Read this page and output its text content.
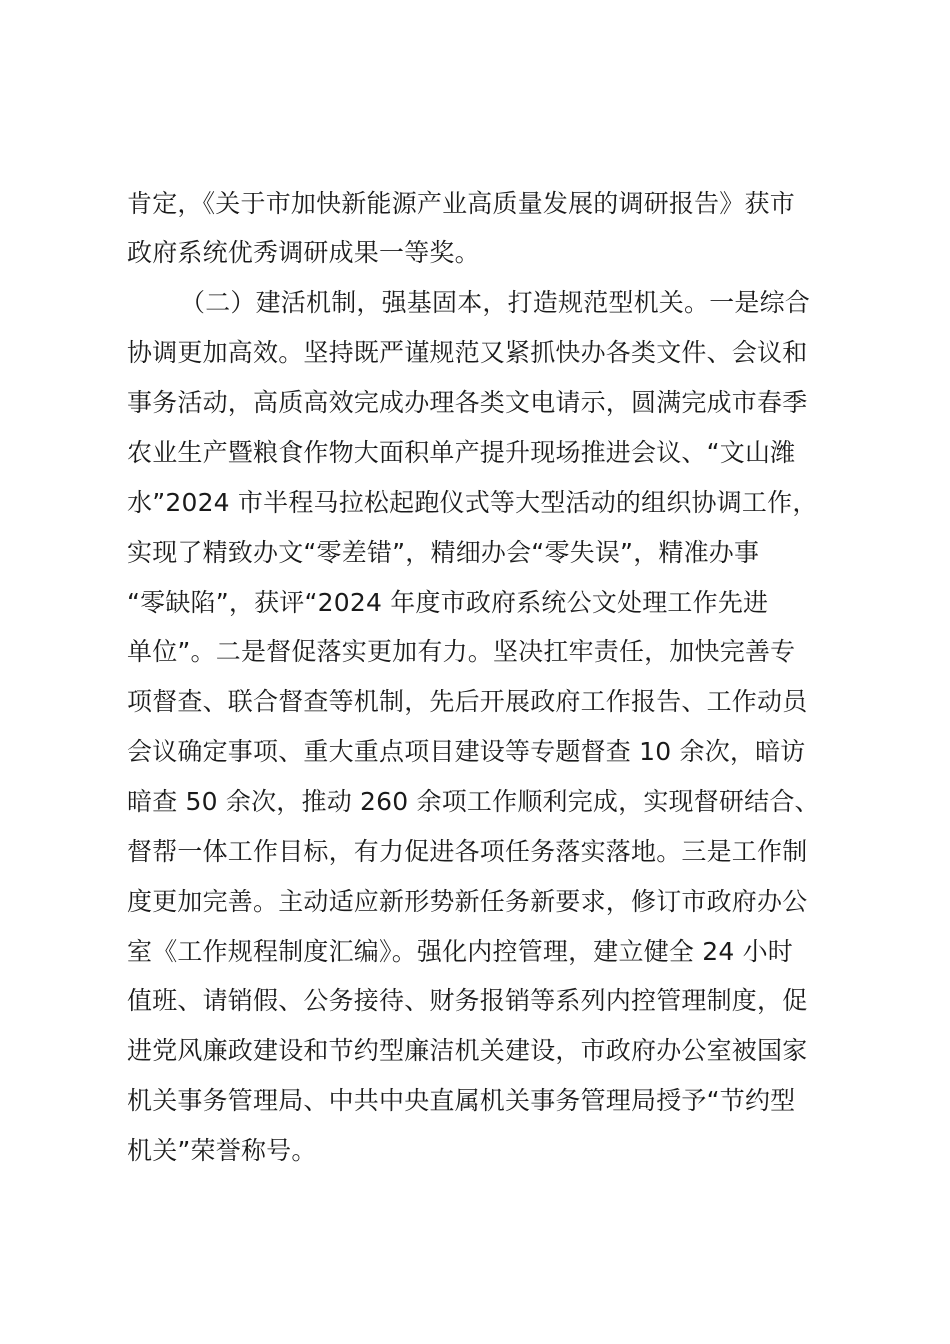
肯定，《关于市加快新能源产业高质量发展的调研报告》获市
政府系统优秀调研成果一等奖。
（二）建活机制，强基固本，打造规范型机关。一是综合
协调更加高效。坚持既严谨规范又紧抓快办各类文件、会议和
事务活动，高质高效完成办理各类文电请示，圆满完成市春季
农业生产暨粮食作物大面积单产提升现场推进会议、“文山潍
水”2024 市半程马拉松起跑仪式等大型活动的组织协调工作，
实现了精致办文“零差错”，精细办会“零失误”，精准办事
“零缺陷”，获评“2024 年度市政府系统公文处理工作先进
单位”。二是督促落实更加有力。坚决扛牢责任，加快完善专
项督查、联合督查等机制，先后开展政府工作报告、工作动员
会议确定事项、重大重点项目建设等专题督查 10 余次，暗访
暗查 50 余次，推动 260 余项工作顺利完成，实现督研结合、
督帮一体工作目标，有力促进各项任务落实落地。三是工作制
度更加完善。主动适应新形势新任务新要求，修订市政府办公
室《工作规程制度汇编》。强化内控管理，建立健全 24 小时
值班、请销假、公务接待、财务报销等系列内控管理制度，促
进党风廉政建设和节约型廉洁机关建设，市政府办公室被国家
机关事务管理局、中共中央直属机关事务管理局授予“节约型
机关”荣誉称号。
